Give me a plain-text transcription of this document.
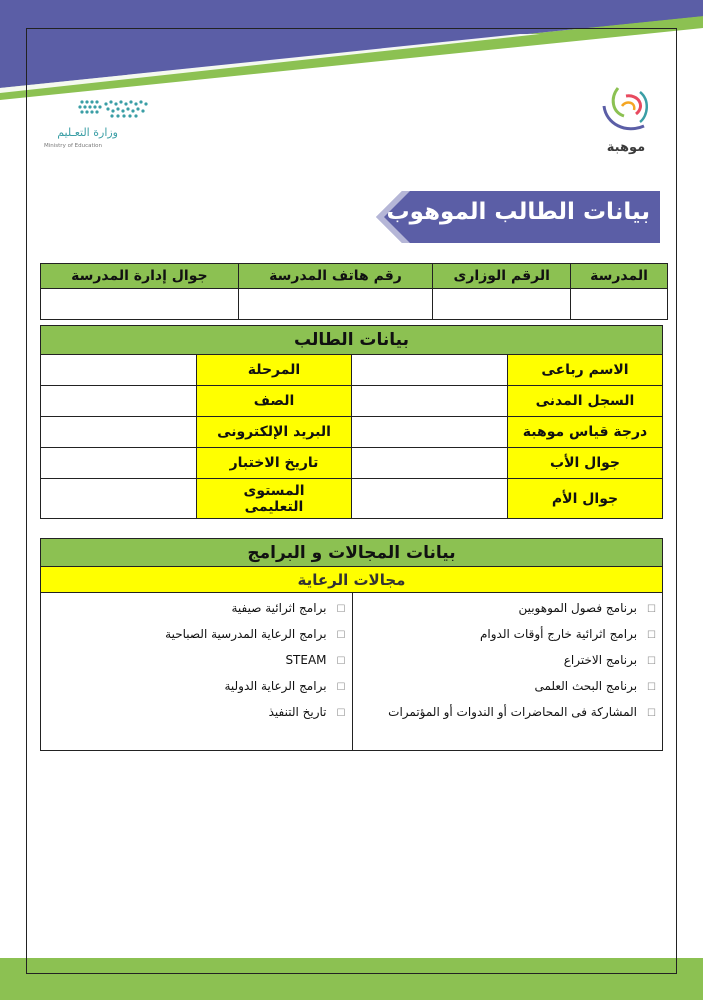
وزارة التعـليم
Ministry of Education	موهبة
بيانات الطالب الموهوب
المدرسة	الرقم الوزارى	رقم هاتف المدرسة	جوال إدارة المدرسة

بيانات الطالب			
الاسم رباعى		المرحلة	
السجل المدنى		الصف	
درجة قياس موهبة		البريد الإلكترونى	
جوال الأب		تاريخ الاختبار	
جوال الأم		المستوى
التعليمى	

بيانات المجالات و البرامج
مجالات الرعاية

☐برنامج فصول الموهوبين
☐برامج اثرائية خارج أوقات الدوام
☐برنامج الاختراع
☐برنامج البحث العلمى
☐المشاركة فى المحاضرات أو الندوات أو المؤتمرات

☐برامج اثرائية صيفية
☐برامج الرعاية المدرسية الصباحية
☐STEAM
☐برامج الرعاية الدولية
☐تاريخ التنفيذ
